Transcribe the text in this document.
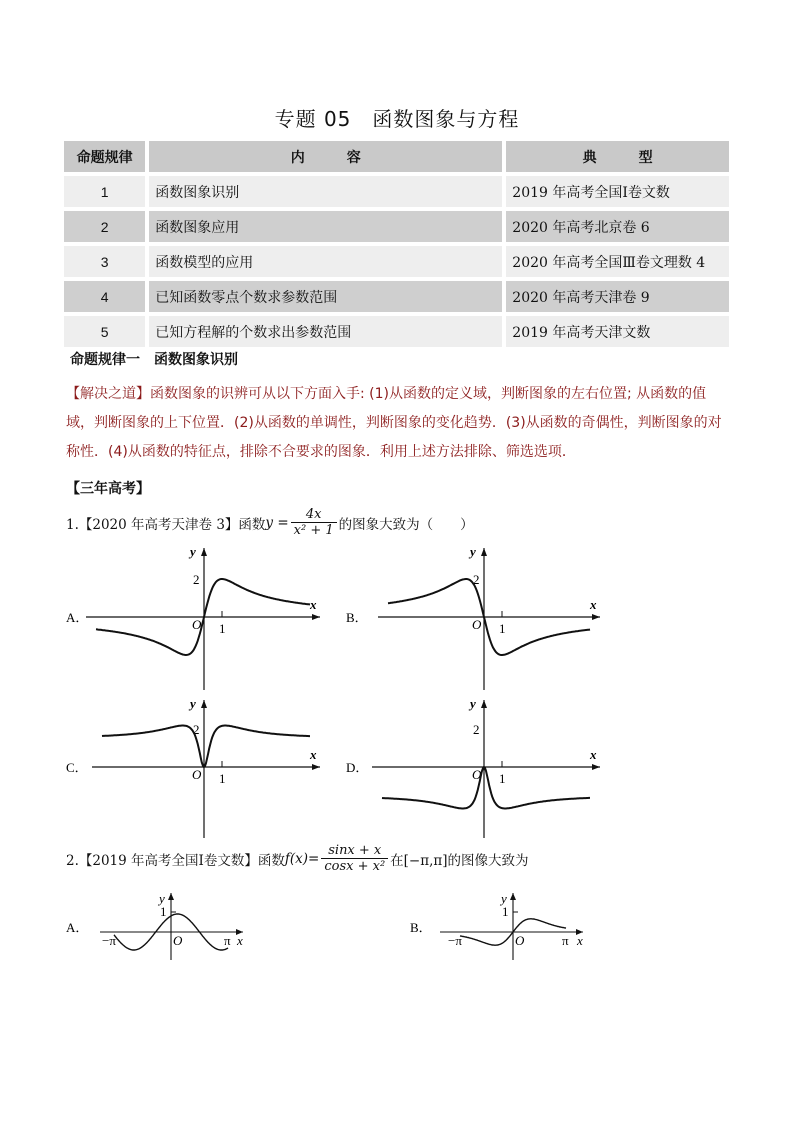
专题 05　函数图象与方程
命题规律		内　　　容		典　　　型
1		函数图象识别		2019 年高考全国Ⅰ卷文数
2		函数图象应用		2020 年高考北京卷 6
3		函数模型的应用		2020 年高考全国Ⅲ卷文理数 4
4		已知函数零点个数求参数范围		2020 年高考天津卷 9
5		已知方程解的个数求出参数范围		2019 年高考天津文数
命题规律一　函数图象识别
【解决之道】函数图象的识辨可从以下方面入手: (1)从函数的定义域，判断图象的左右位置; 从函数的值域，判断图象的上下位置．(2)从函数的单调性，判断图象的变化趋势．(3)从函数的奇偶性，判断图象的对称性．(4)从函数的特征点，排除不合要求的图象．利用上述方法排除、筛选选项．
【三年高考】
1.【2020 年高考天津卷 3】函数 $y = \frac{4x}{\text{x² + 1}}$ 的图象大致为（　　）
2.【2019 年高考全国Ⅰ卷文数】函数 $f(x)= \frac{\sin x + x}{\text{cosx + x²}}$ 在[−π,π]的图像大致为
A．
x
y
2
1
O	B．
x
y
2
1
O
C．
x
y
2
1
O	D．
x
y
2
1
O
A．
1
y
O
−π	π x
B．
1
y
O
−π	π x
